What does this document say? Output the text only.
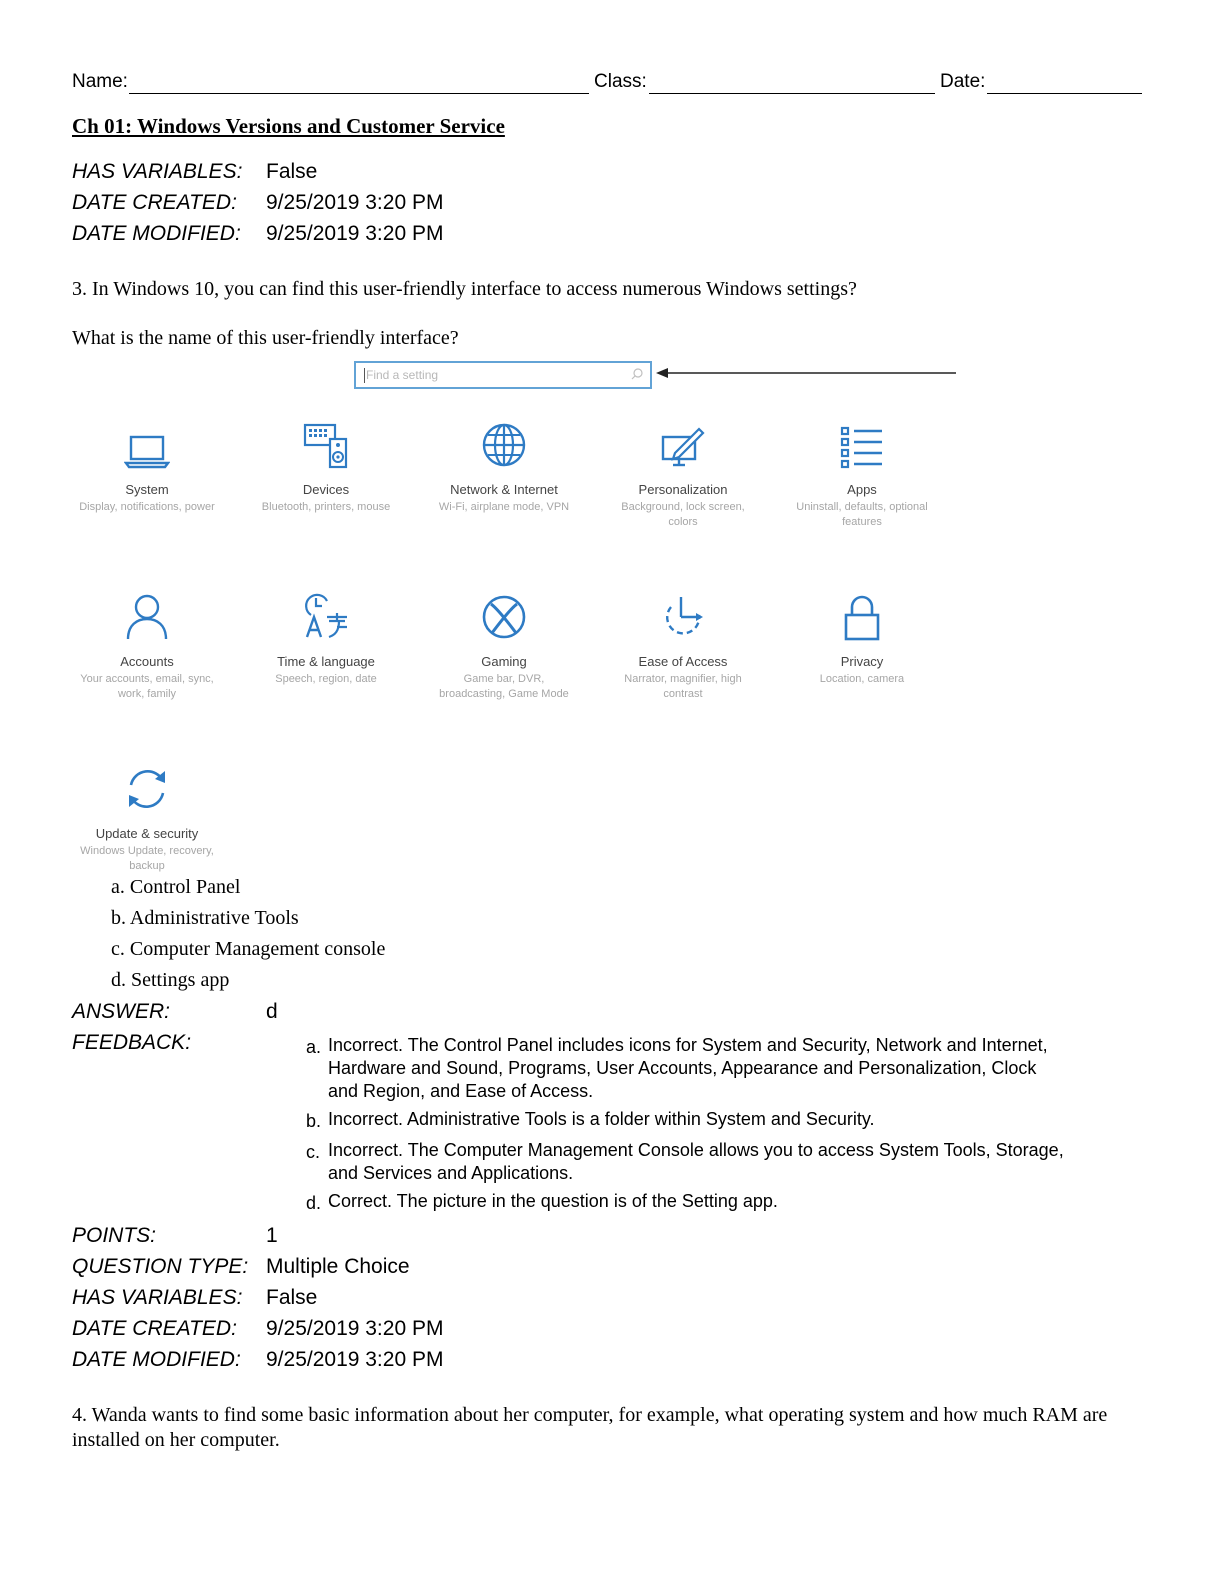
Name:	Class:	Date:
Ch 01: Windows Versions and Customer Service
HAS VARIABLES: False
DATE CREATED: 9/25/2019 3:20 PM
DATE MODIFIED: 9/25/2019 3:20 PM
3. In Windows 10, you can find this user-friendly interface to access numerous Windows settings?
What is the name of this user-friendly interface?
Find a setting
System
Display, notifications, power
Devices
Bluetooth, printers, mouse
Network & Internet
Wi-Fi, airplane mode, VPN
Personalization
Background, lock screen, colors
Apps
Uninstall, defaults, optional features
Accounts
Your accounts, email, sync, work, family
Time & language
Speech, region, date
Gaming
Game bar, DVR, broadcasting, Game Mode
Ease of Access
Narrator, magnifier, high contrast
Privacy
Location, camera
Update & security
Windows Update, recovery, backup
a. Control Panel
b. Administrative Tools
c. Computer Management console
d. Settings app
ANSWER:	d
FEEDBACK:	a. Incorrect. The Control Panel includes icons for System and Security, Network and Internet, Hardware and Sound, Programs, User Accounts, Appearance and Personalization, Clock and Region, and Ease of Access.
b. Incorrect. Administrative Tools is a folder within System and Security.
c. Incorrect. The Computer Management Console allows you to access System Tools, Storage, and Services and Applications.
d. Correct. The picture in the question is of the Setting app.
POINTS:	1
QUESTION TYPE: Multiple Choice
HAS VARIABLES: False
DATE CREATED: 9/25/2019 3:20 PM
DATE MODIFIED: 9/25/2019 3:20 PM
4. Wanda wants to find some basic information about her computer, for example, what operating system and how much RAM are installed on her computer.
